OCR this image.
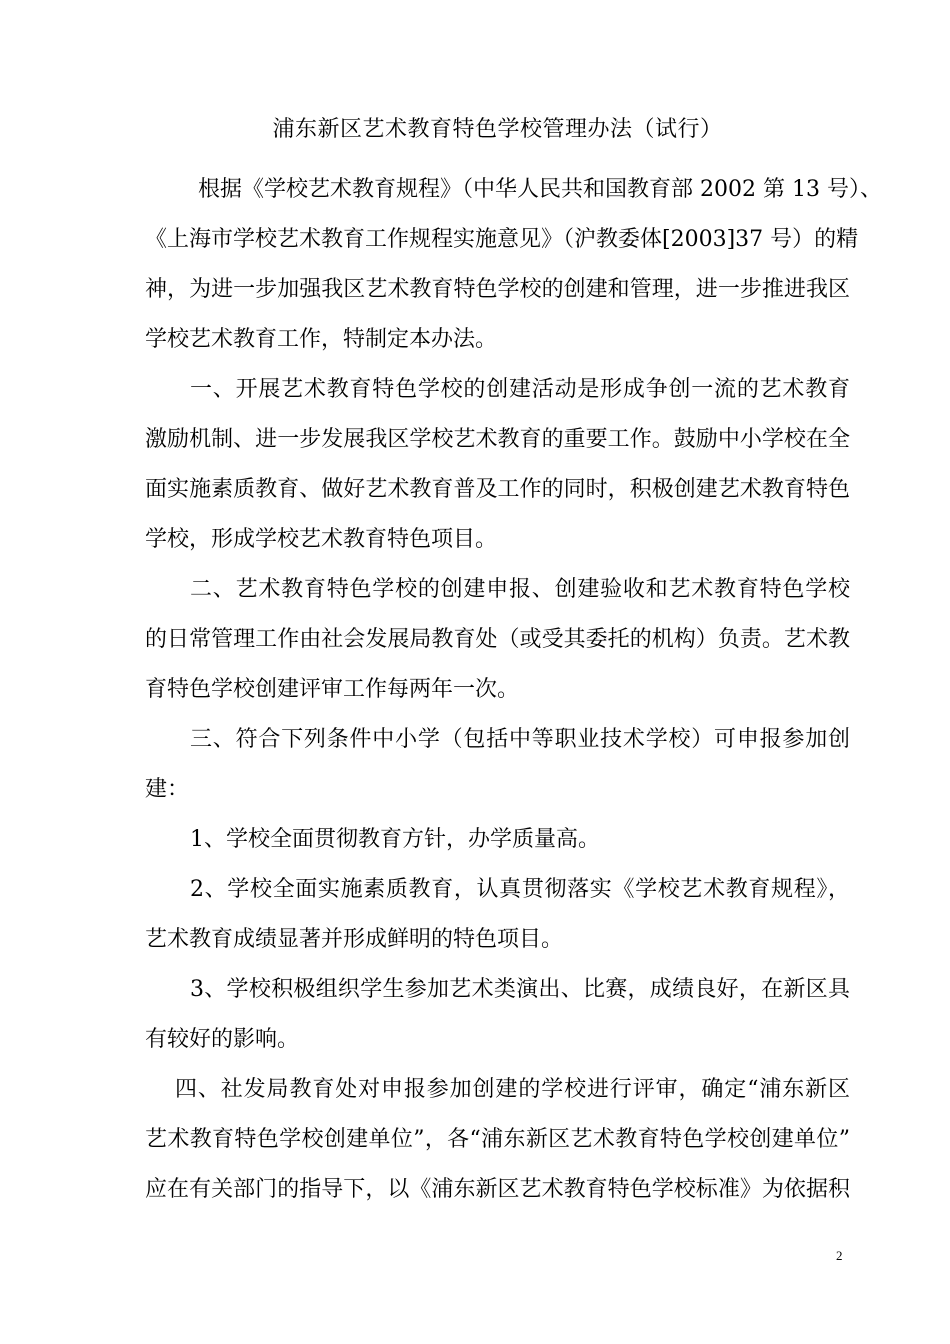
浦东新区艺术教育特色学校管理办法（试行）
根据《学校艺术教育规程》（中华人民共和国教育部 2002 第 13 号）、
《上海市学校艺术教育工作规程实施意见》（沪教委体[2003]37 号）的精
神，为进一步加强我区艺术教育特色学校的创建和管理，进一步推进我区
学校艺术教育工作，特制定本办法。
一、开展艺术教育特色学校的创建活动是形成争创一流的艺术教育
激励机制、进一步发展我区学校艺术教育的重要工作。鼓励中小学校在全
面实施素质教育、做好艺术教育普及工作的同时，积极创建艺术教育特色
学校，形成学校艺术教育特色项目。
二、艺术教育特色学校的创建申报、创建验收和艺术教育特色学校
的日常管理工作由社会发展局教育处（或受其委托的机构）负责。艺术教
育特色学校创建评审工作每两年一次。
三、符合下列条件中小学（包括中等职业技术学校）可申报参加创
建：
1、学校全面贯彻教育方针，办学质量高。
2、学校全面实施素质教育，认真贯彻落实《学校艺术教育规程》，
艺术教育成绩显著并形成鲜明的特色项目。
3、学校积极组织学生参加艺术类演出、比赛，成绩良好，在新区具
有较好的影响。
四、社发局教育处对申报参加创建的学校进行评审，确定“浦东新区
艺术教育特色学校创建单位”，各“浦东新区艺术教育特色学校创建单位”
应在有关部门的指导下，以《浦东新区艺术教育特色学校标准》为依据积
2
